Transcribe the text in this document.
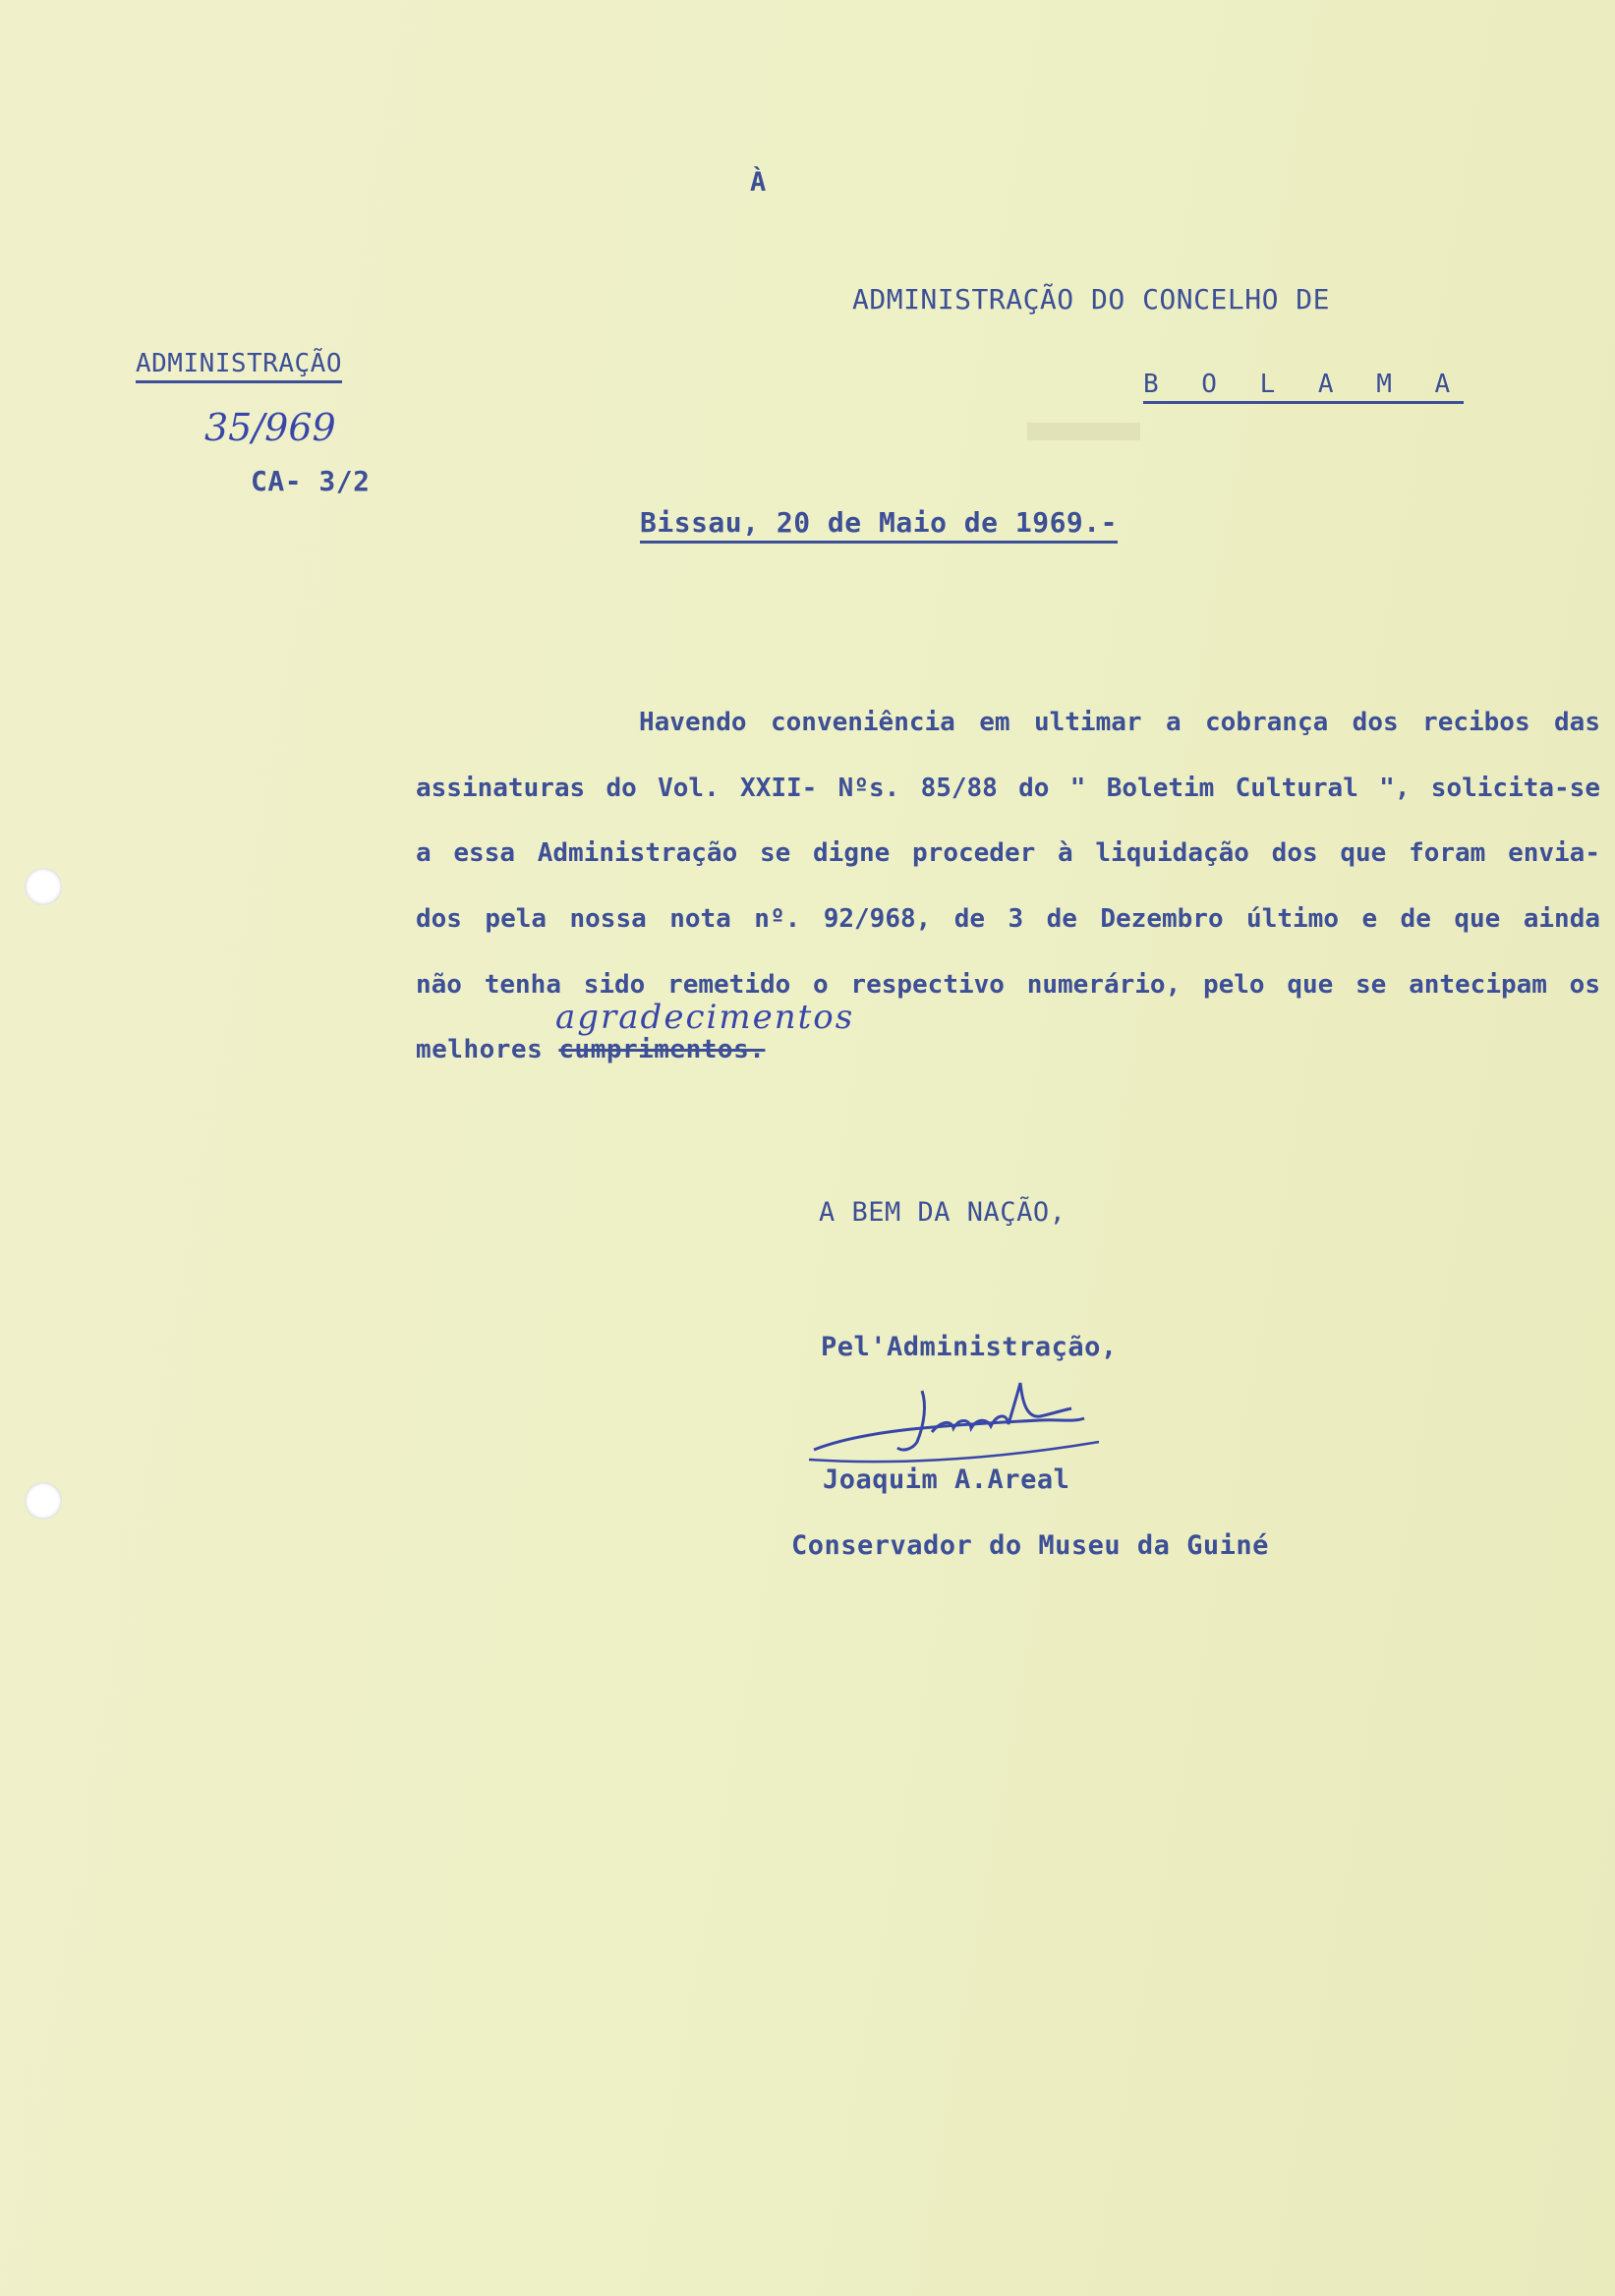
À
ADMINISTRAÇÃO DO CONCELHO DE
B O L A M A
ADMINISTRAÇÃO
35/969
CA- 3/2
Bissau, 20 de Maio de 1969.-
Havendo conveniência em ultimar a cobrança dos recibos das
assinaturas do Vol. XXII- Nºs. 85/88 do " Boletim Cultural ", solicita-se
a essa Administração se digne proceder à liquidação dos que foram envia-
dos pela nossa nota nº. 92/968, de 3 de Dezembro último e de que ainda
não tenha sido remetido o respectivo numerário, pelo que se antecipam os
melhores cumprimentos.
agradecimentos
A BEM DA NAÇÃO,
Pel'Administração,
Joaquim A.Areal
Conservador do Museu da Guiné
